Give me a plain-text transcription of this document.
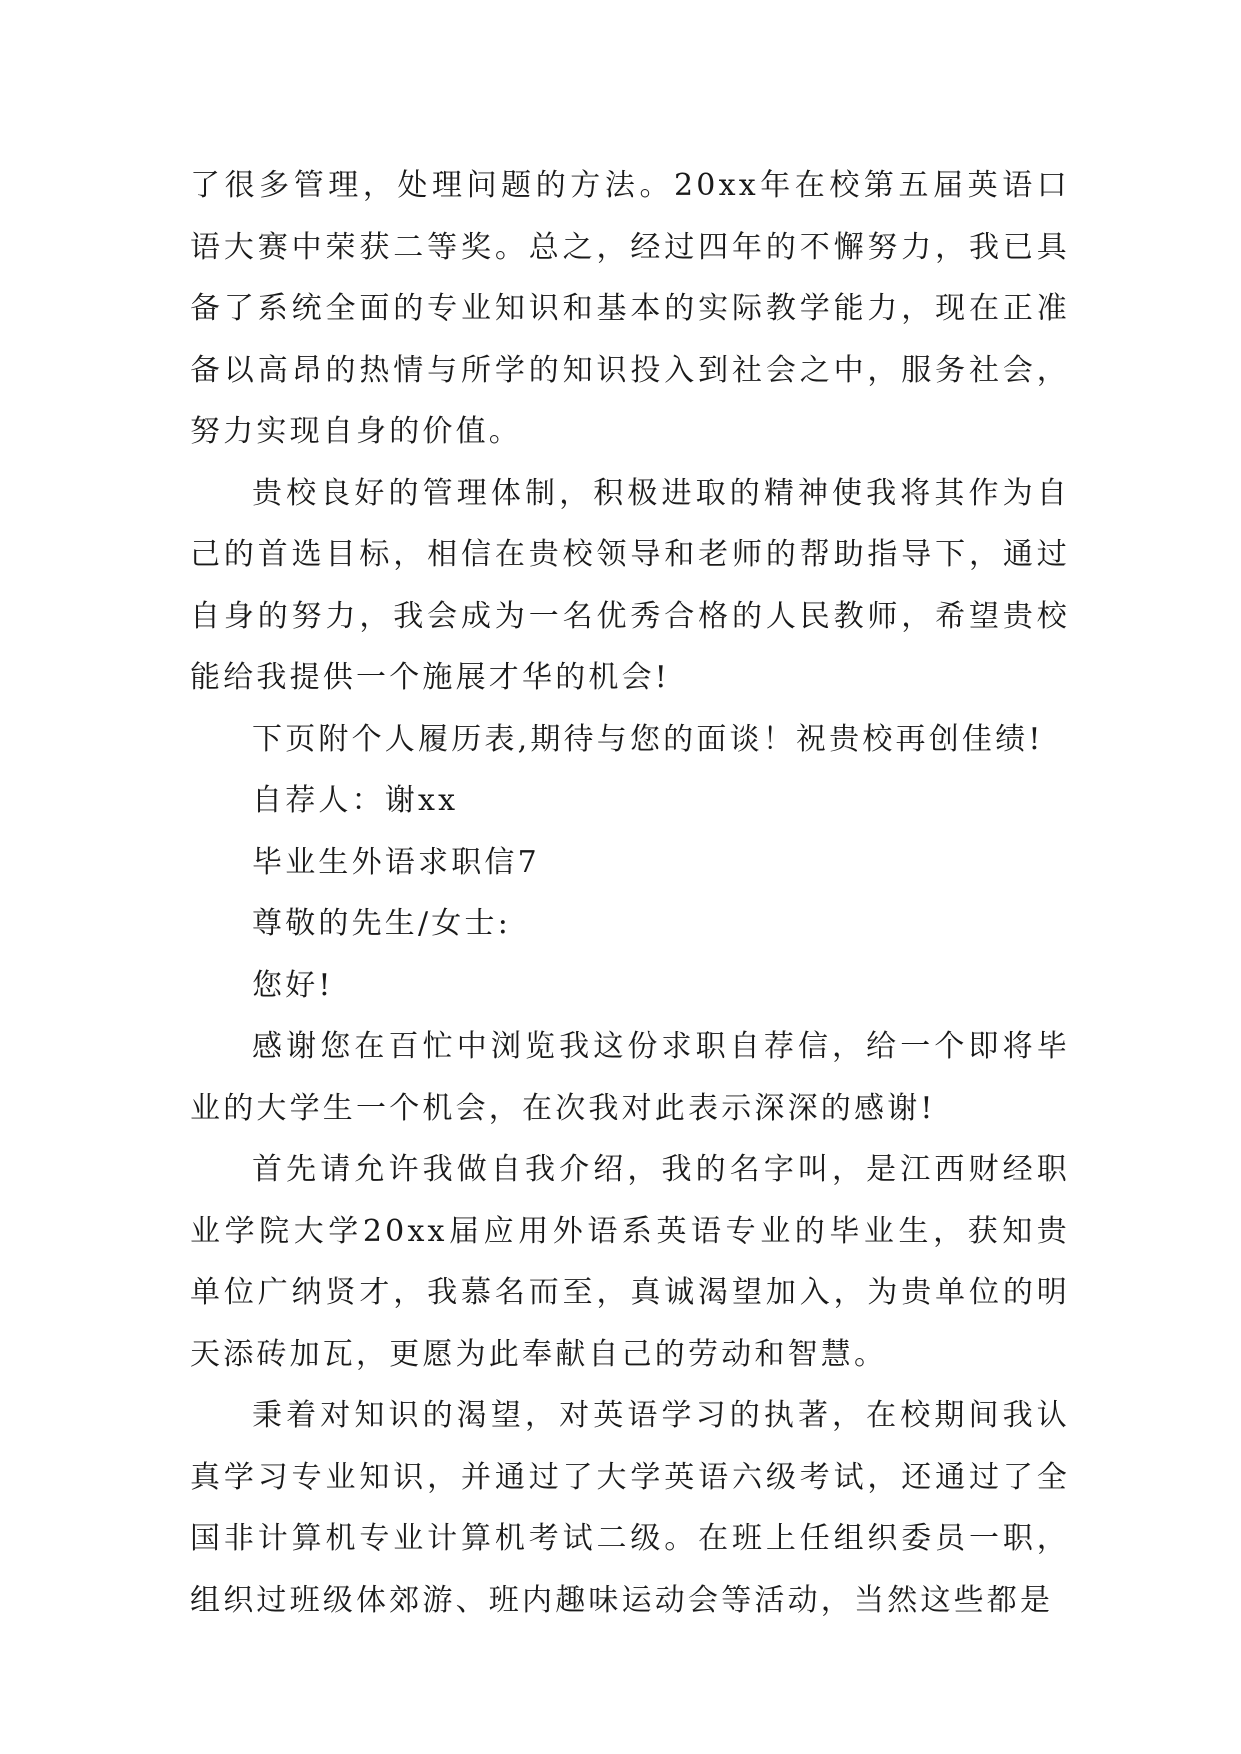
了很多管理，处理问题的方法。20xx年在校第五届英语口语大赛中荣获二等奖。总之，经过四年的不懈努力，我已具备了系统全面的专业知识和基本的实际教学能力，现在正准备以高昂的热情与所学的知识投入到社会之中，服务社会，努力实现自身的价值。

贵校良好的管理体制，积极进取的精神使我将其作为自己的首选目标，相信在贵校领导和老师的帮助指导下，通过自身的努力，我会成为一名优秀合格的人民教师，希望贵校能给我提供一个施展才华的机会!

下页附个人履历表,期待与您的面谈！祝贵校再创佳绩!

自荐人：谢xx

毕业生外语求职信7

尊敬的先生/女士:

您好!

感谢您在百忙中浏览我这份求职自荐信，给一个即将毕业的大学生一个机会，在次我对此表示深深的感谢!

首先请允许我做自我介绍，我的名字叫，是江西财经职业学院大学20xx届应用外语系英语专业的毕业生，获知贵单位广纳贤才，我慕名而至，真诚渴望加入，为贵单位的明天添砖加瓦，更愿为此奉献自己的劳动和智慧。

秉着对知识的渴望，对英语学习的执著，在校期间我认真学习专业知识，并通过了大学英语六级考试，还通过了全国非计算机专业计算机考试二级。在班上任组织委员一职，组织过班级体郊游、班内趣味运动会等活动，当然这些都是
